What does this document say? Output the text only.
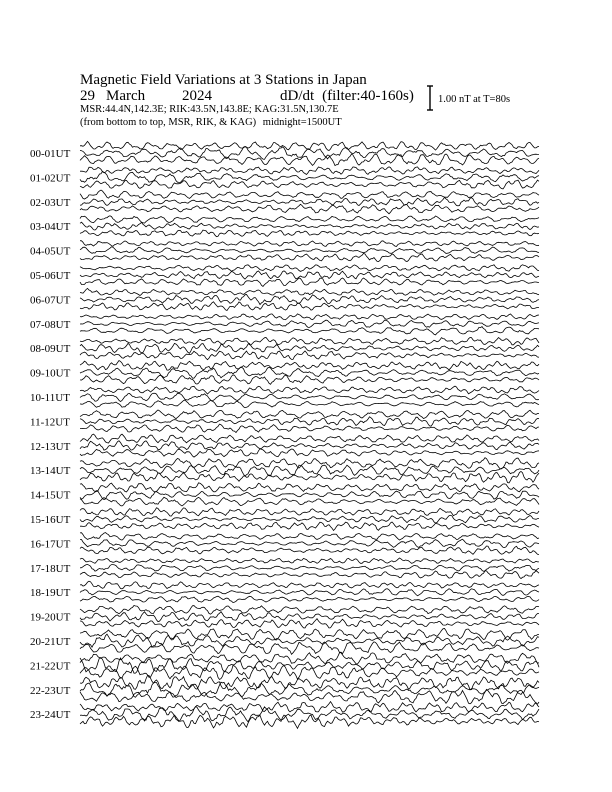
Magnetic Field Variations at 3 Stations in Japan
29 March 2024	dD/dt (filter:40-160s)
MSR:44.4N,142.3E; RIK:43.5N,143.8E; KAG:31.5N,130.7E
(from bottom to top, MSR, RIK, & KAG) midnight=1500UT
1.00 nT at T=80s
00-01UT
01-02UT
02-03UT
03-04UT
04-05UT
05-06UT
06-07UT
07-08UT
08-09UT
09-10UT
10-11UT
11-12UT
12-13UT
13-14UT
14-15UT
15-16UT
16-17UT
17-18UT
18-19UT
19-20UT
20-21UT
21-22UT
22-23UT
23-24UT
